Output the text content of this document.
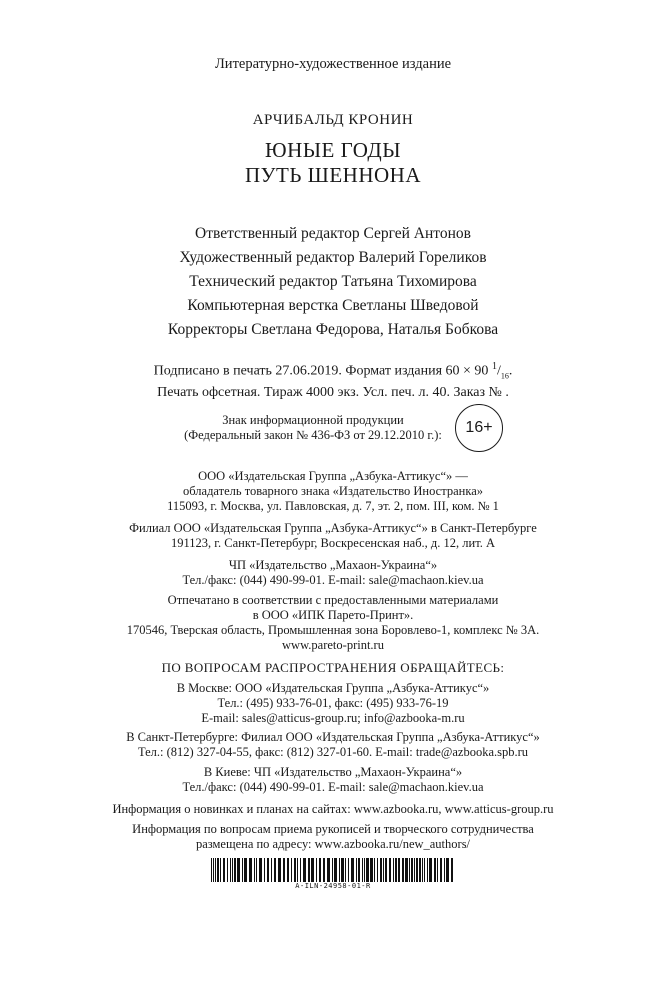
Литературно-художественное издание
АРЧИБАЛЬД КРОНИН
ЮНЫЕ ГОДЫ
ПУТЬ ШЕННОНА
Ответственный редактор Сергей Антонов
Художественный редактор Валерий Гореликов
Технический редактор Татьяна Тихомирова
Компьютерная верстка Светланы Шведовой
Корректоры Светлана Федорова, Наталья Бобкова
Подписано в печать 27.06.2019. Формат издания 60 × 90 $^1/_{16}$.
Печать офсетная. Тираж 4000 экз. Усл. печ. л. 40. Заказ № .
Знак информационной продукции
(Федеральный закон № 436-ФЗ от 29.12.2010 г.):	16+
ООО «Издательская Группа „Азбука-Аттикус“» —
обладатель товарного знака «Издательство Иностранка»
115093, г. Москва, ул. Павловская, д. 7, эт. 2, пом. III, ком. № 1
Филиал ООО «Издательская Группа „Азбука-Аттикус“» в Санкт-Петербурге
191123, г. Санкт-Петербург, Воскресенская наб., д. 12, лит. А
ЧП «Издательство „Махаон-Украина“»
Тел./факс: (044) 490-99-01. E-mail: sale@machaon.kiev.ua
Отпечатано в соответствии с предоставленными материалами
в ООО «ИПК Парето-Принт».
170546, Тверская область, Промышленная зона Боровлево-1, комплекс № 3А.
www.pareto-print.ru
ПО ВОПРОСАМ РАСПРОСТРАНЕНИЯ ОБРАЩАЙТЕСЬ:
В Москве: ООО «Издательская Группа „Азбука-Аттикус“»
Тел.: (495) 933-76-01, факс: (495) 933-76-19
E-mail: sales@atticus-group.ru; info@azbooka-m.ru
В Санкт-Петербурге: Филиал ООО «Издательская Группа „Азбука-Аттикус“»
Тел.: (812) 327-04-55, факс: (812) 327-01-60. E-mail: trade@azbooka.spb.ru
В Киеве: ЧП «Издательство „Махаон-Украина“»
Тел./факс: (044) 490-99-01. E-mail: sale@machaon.kiev.ua
Информация о новинках и планах на сайтах: www.azbooka.ru, www.atticus-group.ru
Информация по вопросам приема рукописей и творческого сотрудничества
размещена по адресу: www.azbooka.ru/new_authors/
A-ILN-24958-01-R
